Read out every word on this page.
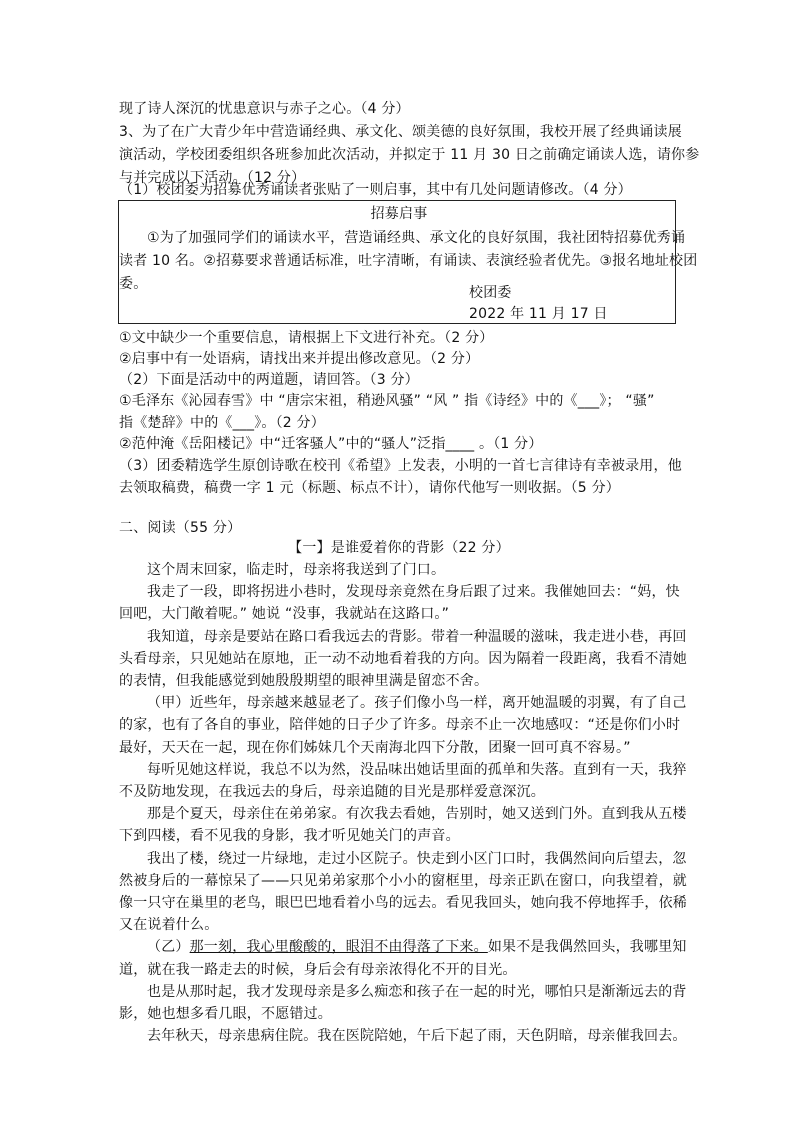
现了诗人深沉的忧患意识与赤子之心。（4 分）
3、为了在广大青少年中营造诵经典、承文化、颂美德的良好氛围，我校开展了经典诵读展
演活动，学校团委组织各班参加此次活动，并拟定于 11 月 30 日之前确定诵读人选，请你参
与并完成以下活动。（12 分）
（1）校团委为招募优秀诵读者张贴了一则启事，其中有几处问题请修改。（4 分）
招募启事
①为了加强同学们的诵读水平，营造诵经典、承文化的良好氛围，我社团特招募优秀诵
读者 10 名。②招募要求普通话标准，吐字清晰，有诵读、表演经验者优先。③报名地址校团
委。
校团委
2022 年 11 月 17 日
①文中缺少一个重要信息，请根据上下文进行补充。（2 分）
②启事中有一处语病，请找出来并提出修改意见。（2 分）
（2）下面是活动中的两道题，请回答。（3 分）
①毛泽东《沁园春雪》中 “唐宗宋祖，稍逊风骚” “风 ” 指《诗经》中的《___》； “骚”
指《楚辞》中的《___》。（2 分）
②范仲淹《岳阳楼记》中“迁客骚人”中的“骚人”泛指____ 。（1 分）
（3）团委精选学生原创诗歌在校刊《希望》上发表，小明的一首七言律诗有幸被录用，他
去领取稿费，稿费一字 1 元（标题、标点不计），请你代他写一则收据。（5 分）
二、阅读（55 分）
【一】是谁爱着你的背影（22 分）
这个周末回家，临走时，母亲将我送到了门口。
我走了一段，即将拐进小巷时，发现母亲竟然在身后跟了过来。我催她回去：“妈，快
回吧，大门敞着呢。” 她说 “没事，我就站在这路口。”
我知道，母亲是要站在路口看我远去的背影。带着一种温暖的滋味，我走进小巷，再回
头看母亲，只见她站在原地，正一动不动地看着我的方向。因为隔着一段距离，我看不清她
的表情，但我能感觉到她殷殷期望的眼神里满是留恋不舍。
（甲）近些年，母亲越来越显老了。孩子们像小鸟一样，离开她温暖的羽翼，有了自己
的家，也有了各自的事业，陪伴她的日子少了许多。母亲不止一次地感叹：“还是你们小时
最好，天天在一起，现在你们姊妹几个天南海北四下分散，团聚一回可真不容易。”
每听见她这样说，我总不以为然，没品味出她话里面的孤单和失落。直到有一天，我猝
不及防地发现，在我远去的身后，母亲追随的目光是那样爱意深沉。
那是个夏天，母亲住在弟弟家。有次我去看她，告别时，她又送到门外。直到我从五楼
下到四楼，看不见我的身影，我才听见她关门的声音。
我出了楼，绕过一片绿地，走过小区院子。快走到小区门口时，我偶然间向后望去，忽
然被身后的一幕惊呆了——只见弟弟家那个小小的窗框里，母亲正趴在窗口，向我望着，就
像一只守在巢里的老鸟，眼巴巴地看着小鸟的远去。看见我回头，她向我不停地挥手，依稀
又在说着什么。
（乙）那一刻，我心里酸酸的，眼泪不由得落了下来。如果不是我偶然回头，我哪里知
道，就在我一路走去的时候，身后会有母亲浓得化不开的目光。
也是从那时起，我才发现母亲是多么痴恋和孩子在一起的时光，哪怕只是渐渐远去的背
影，她也想多看几眼，不愿错过。
去年秋天，母亲患病住院。我在医院陪她，午后下起了雨，天色阴暗，母亲催我回去。
